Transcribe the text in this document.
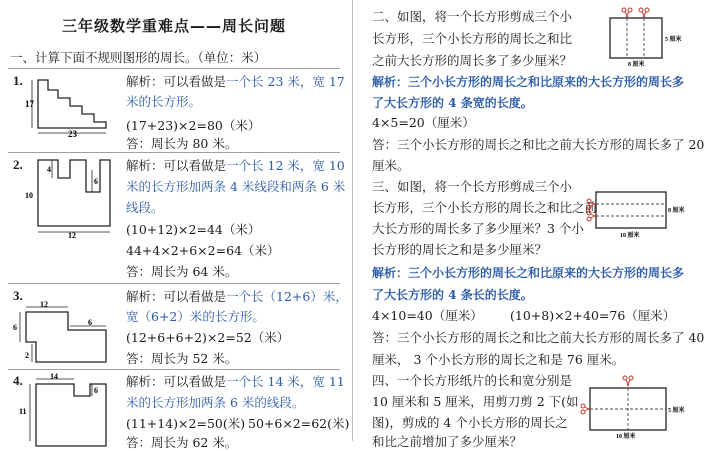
三年级数学重难点——周长问题
一、计算下面不规则图形的周长。（单位：米）
1.
17
23
解析：可以看做是一个长 23 米，宽 17
米的长方形。
(17+23)×2=80（米）
答：周长为 80 米。
2.	4
6
10
12
解析：可以看做是一个长 12 米，宽 10
米的长方形加两条 4 米线段和两条 6 米
线段。
(10+12)×2=44（米）
44+4×2+6×2=64（米）
答：周长为 64 米。
3.
12
6
6
2
解析：可以看做是一个长（12+6）米，
宽（6+2）米的长方形。
(12+6+6+2)×2=52（米）
答：周长为 52 米。
4.	14
6
11
解析：可以看做是一个长 14 米，宽 11
米的长方形加两条 6 米的线段。
(11+14)×2=50(米) 50+6×2=62(米)
答：周长为 62 米。
二、如图，将一个长方形剪成三个小
长方形，三个小长方形的周长之和比
之前大长方形的周长多了多少厘米？
5 厘米
8 厘米
解析：三个小长方形的周长之和比原来的大长方形的周长多
了大长方形的 4 条宽的长度。
4×5=20（厘米）
答：三个小长方形的周长之和比之前大长方形的周长多了 20
厘米。
三、如图，将一个长方形剪成三个小
长方形，三个小长方形的周长之和比之前
大长方形的周长多了多少厘米？3 个小
长方形的周长之和是多少厘米？
8 厘米
10 厘米
解析：三个小长方形的周长之和比原来的大长方形的周长多
了大长方形的 4 条长的长度。
4×10=40（厘米） (10+8)×2+40=76（厘米）
答：三个小长方形的周长之和比之前大长方形的周长多了 40
厘米， 3 个小长方形的周长之和是 76 厘米。
四、一个长方形纸片的长和宽分别是
10 厘米和 5 厘米，用剪刀剪 2 下(如
图)，剪成的 4 个小长方形的周长之
和比之前增加了多少厘米？
5 厘米
10 厘米
